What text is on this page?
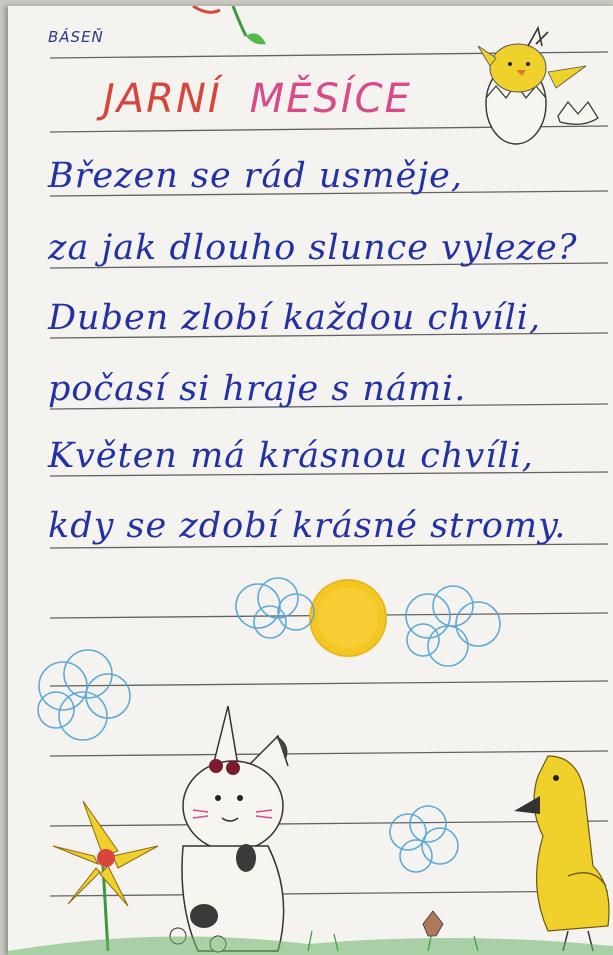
BÁSEŇ
JARNÍ MĚSÍCE
Březen se rád usměje,
za jak dlouho slunce vyleze?
Duben zlobí každou chvíli,
počasí si hraje s námi.
Květen má krásnou chvíli,
kdy se zdobí krásné stromy.
